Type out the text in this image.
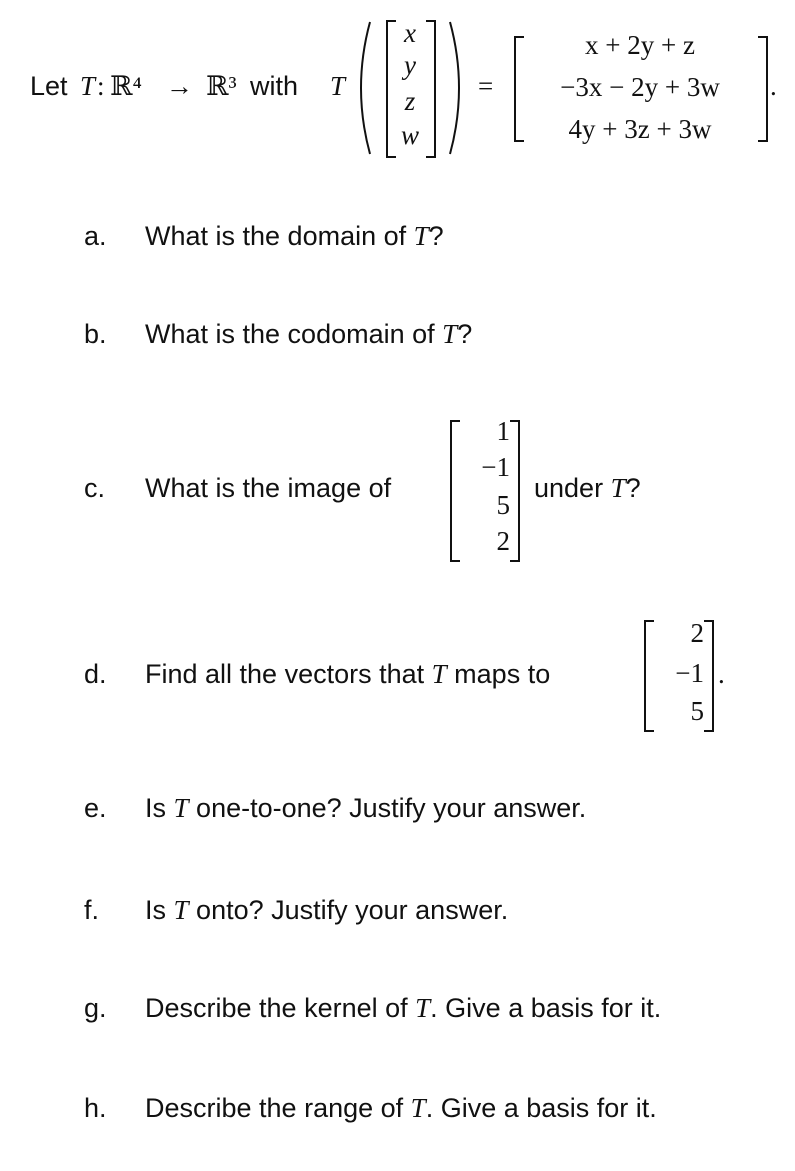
Let T : ℝ⁴ → ℝ³ with T
x
y
z
w
=
x + 2y + z
−3x − 2y + 3w
4y + 3z + 3w
.
a. What is the domain of T?
b. What is the codomain of T?
c. What is the image of
1
−1
5
2
under T?
d. Find all the vectors that T maps to
2
−1
5
.
e. Is T one-to-one? Justify your answer.
f. Is T onto? Justify your answer.
g. Describe the kernel of T. Give a basis for it.
h. Describe the range of T. Give a basis for it.
